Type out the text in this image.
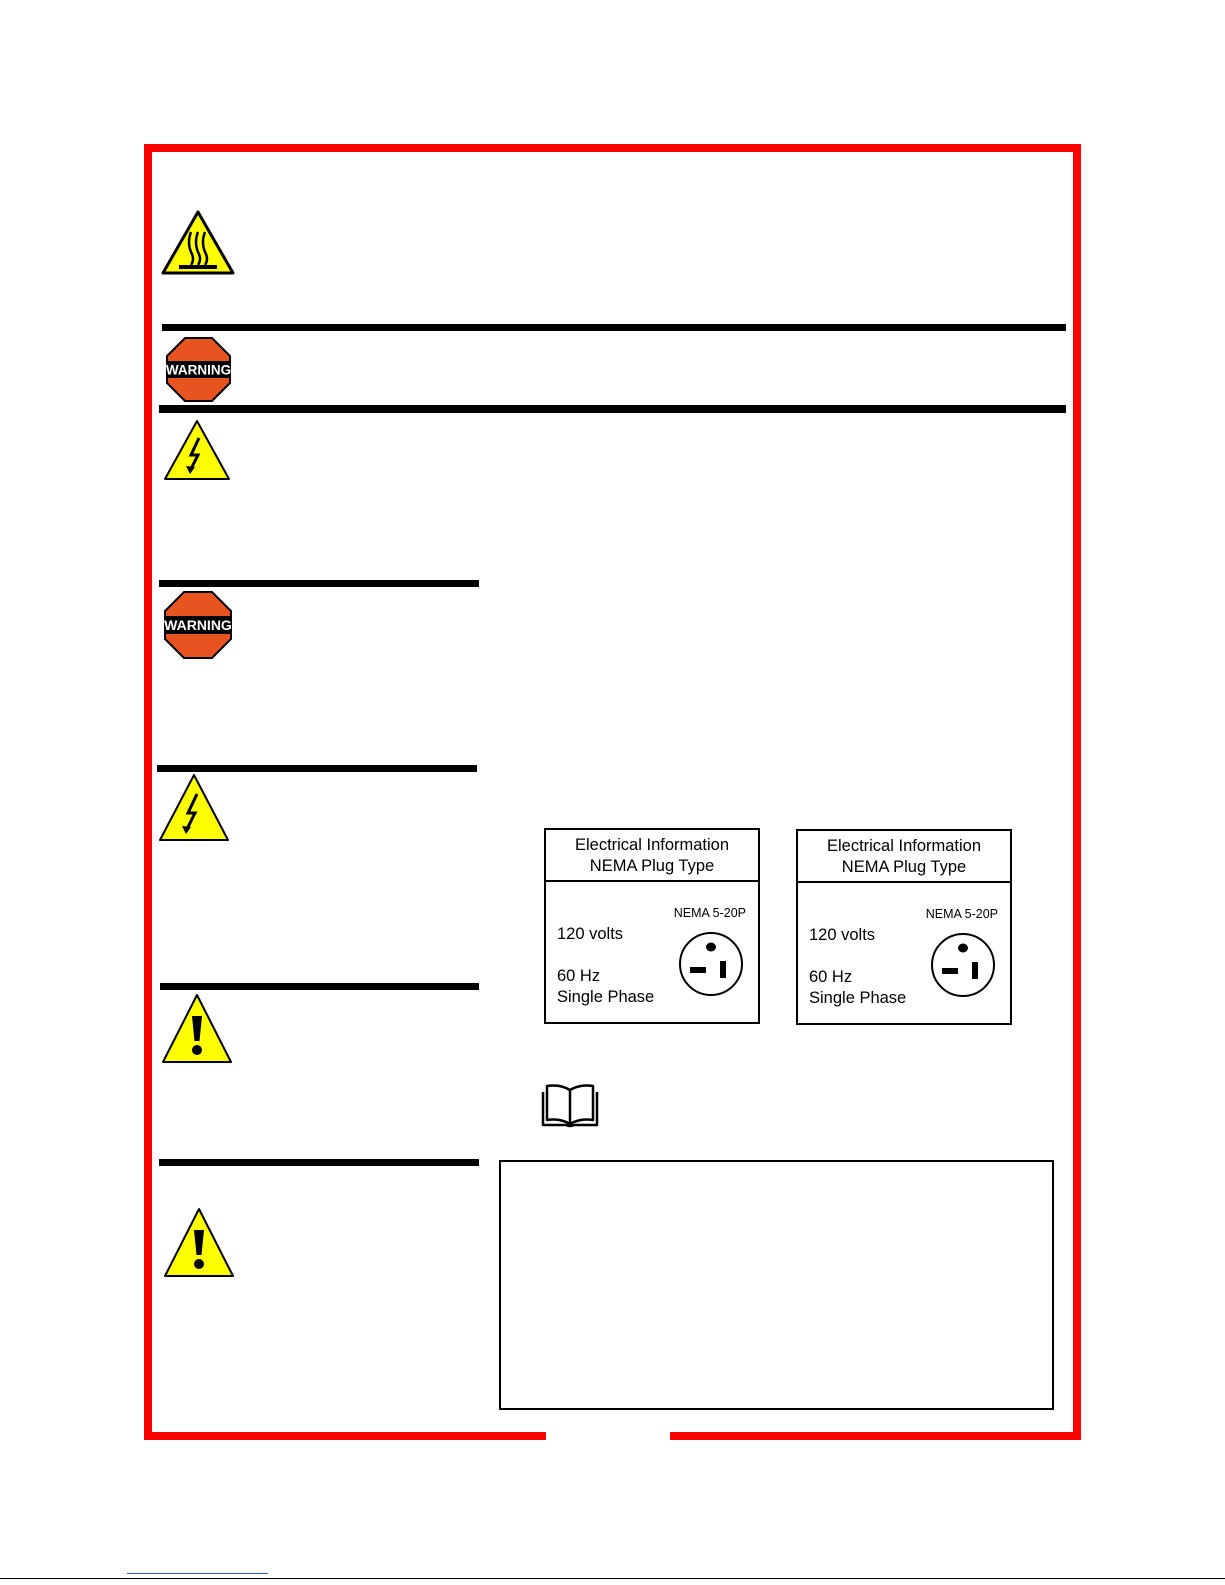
WARNING
WARNING
Electrical Information
NEMA Plug Type
NEMA 5-20P
120 volts
60 Hz
Single Phase
Electrical Information
NEMA Plug Type
NEMA 5-20P
120 volts
60 Hz
Single Phase
